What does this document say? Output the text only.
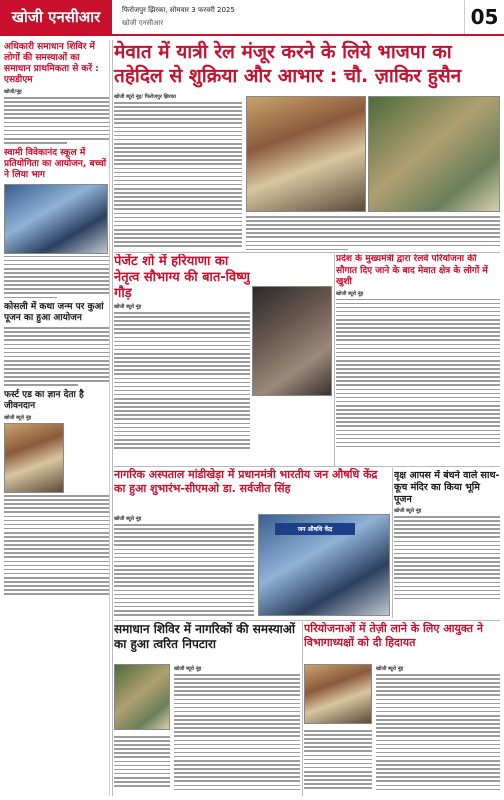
खोजी एनसीआर	फिरोजपुर झिरका, सोमवार 3 फरवरी 2025
खोजी एनसीआर	05
मेवात में यात्री रेल मंजूर करने के लिये भाजपा का
तहेदिल से शुक्रिया और आभार : चौ. ज़ाकिर हुसैन
अधिकारी समाधान शिविर में लोगों की समस्याओं का समाधान प्राथमिकता से करें : एसडीएम
खोजी/नूंह
स्वामी विवेकानंद स्कूल में प्रतियोगिता का आयोजन, बच्चों ने लिया भाग
कोसली में कथा जन्म पर कुआं पूजन का हुआ आयोजन
फर्स्ट एड का ज्ञान देता है जीवनदान
खोजी ब्यूरो नूंह
खोजी ब्यूरो नूंह/ फिरोजपुर झिरका
पेजेंट शो में हरियाणा का नेतृत्व सौभाग्य की बात-विष्णु गौड़
खोजी ब्यूरो नूंह
प्रदेश के मुख्यमंत्री द्वारा रेलवे परियोजना की सौगात दिए जाने के बाद मेवात क्षेत्र के लोगों में खुशी
खोजी ब्यूरो नूंह
नागरिक अस्पताल मांडीखेड़ा में प्रधानमंत्री भारतीय जन औषधि केंद्र का हुआ शुभारंभ-सीएमओ डा. सर्वजीत सिंह
खोजी ब्यूरो नूंह
जन औषधि केंद्र
वृक्ष आपस में बंधने वाले साथ-कूच मंदिर का किया भूमि पूजन
खोजी ब्यूरो नूंह
समाधान शिविर में नागरिकों की समस्याओं का हुआ त्वरित निपटारा
खोजी ब्यूरो नूंह
परियोजनाओं में तेज़ी लाने के लिए आयुक्त ने विभागाध्यक्षों को दी हिदायत
खोजी ब्यूरो नूंह
